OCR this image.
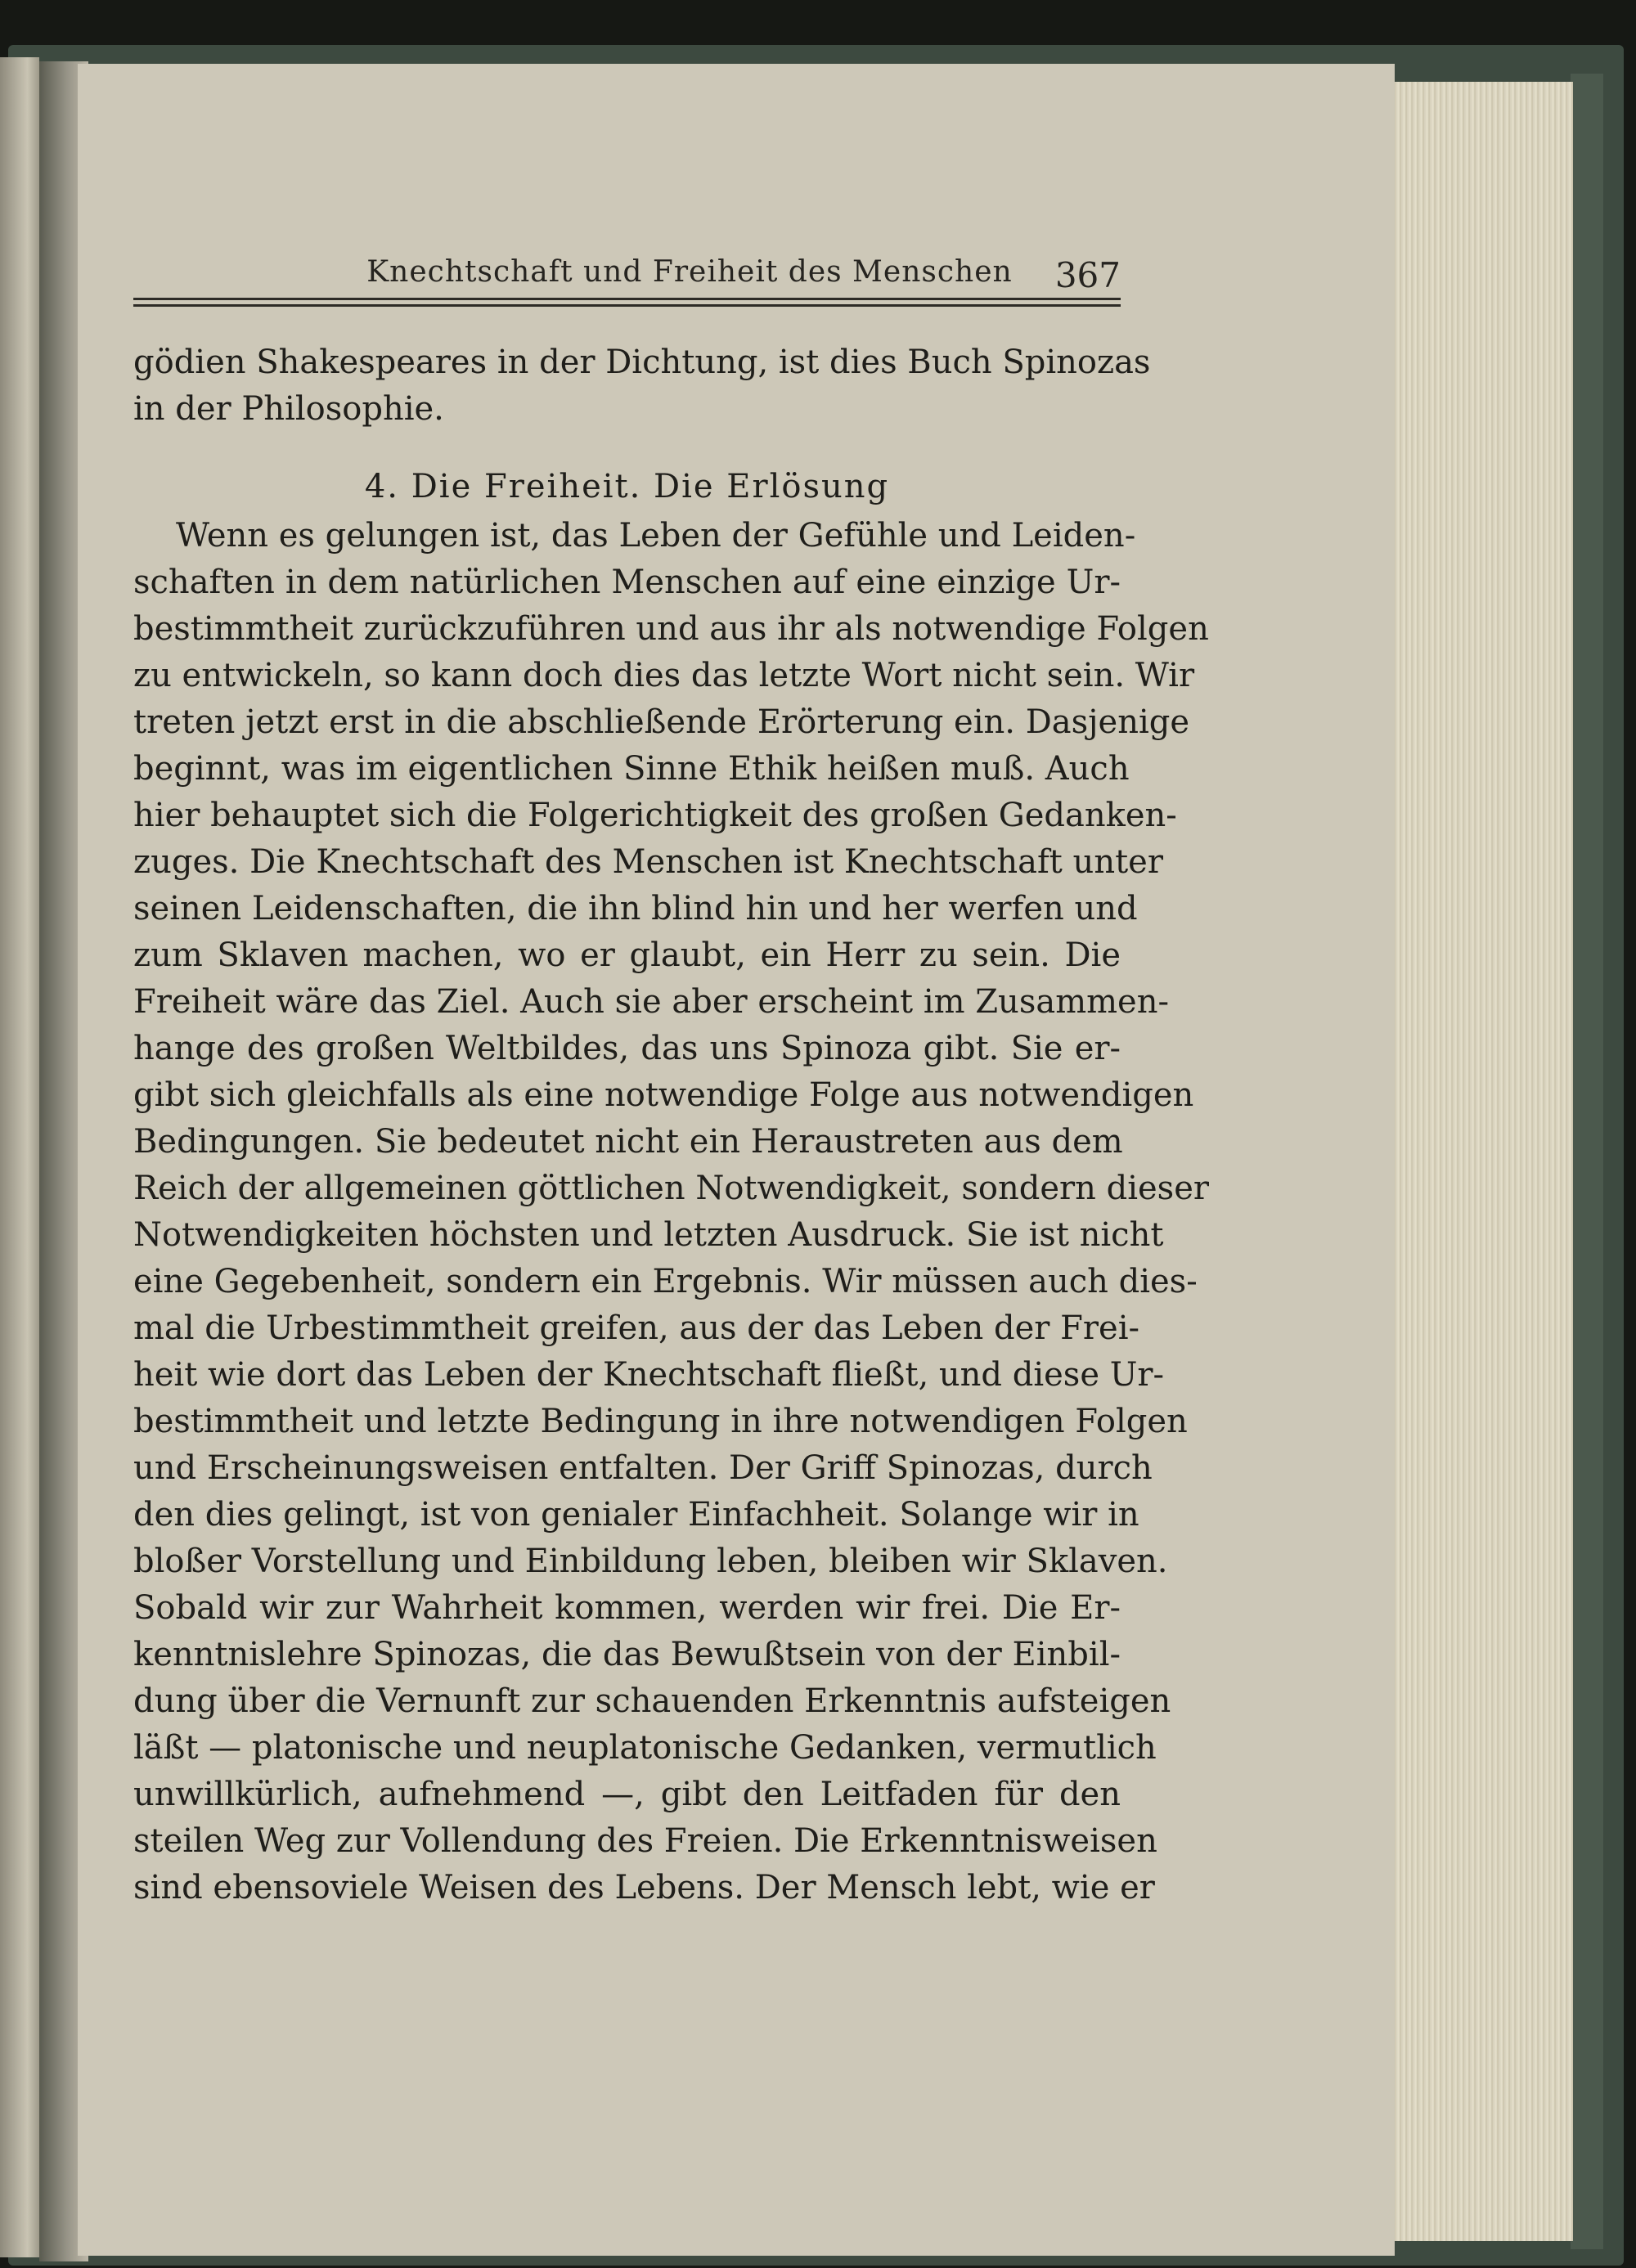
Knechtschaft und Freiheit des Menschen	367
gödien Shakespeares in der Dichtung, ist dies Buch Spinozas
in der Philosophie.
4. Die Freiheit. Die Erlösung
Wenn es gelungen ist, das Leben der Gefühle und Leiden-
schaften in dem natürlichen Menschen auf eine einzige Ur-
bestimmtheit zurückzuführen und aus ihr als notwendige Folgen
zu entwickeln, so kann doch dies das letzte Wort nicht sein. Wir
treten jetzt erst in die abschließende Erörterung ein. Dasjenige
beginnt, was im eigentlichen Sinne Ethik heißen muß. Auch
hier behauptet sich die Folgerichtigkeit des großen Gedanken-
zuges. Die Knechtschaft des Menschen ist Knechtschaft unter
seinen Leidenschaften, die ihn blind hin und her werfen und
zum Sklaven machen, wo er glaubt, ein Herr zu sein. Die
Freiheit wäre das Ziel. Auch sie aber erscheint im Zusammen-
hange des großen Weltbildes, das uns Spinoza gibt. Sie er-
gibt sich gleichfalls als eine notwendige Folge aus notwendigen
Bedingungen. Sie bedeutet nicht ein Heraustreten aus dem
Reich der allgemeinen göttlichen Notwendigkeit, sondern dieser
Notwendigkeiten höchsten und letzten Ausdruck. Sie ist nicht
eine Gegebenheit, sondern ein Ergebnis. Wir müssen auch dies-
mal die Urbestimmtheit greifen, aus der das Leben der Frei-
heit wie dort das Leben der Knechtschaft fließt, und diese Ur-
bestimmtheit und letzte Bedingung in ihre notwendigen Folgen
und Erscheinungsweisen entfalten. Der Griff Spinozas, durch
den dies gelingt, ist von genialer Einfachheit. Solange wir in
bloßer Vorstellung und Einbildung leben, bleiben wir Sklaven.
Sobald wir zur Wahrheit kommen, werden wir frei. Die Er-
kenntnislehre Spinozas, die das Bewußtsein von der Einbil-
dung über die Vernunft zur schauenden Erkenntnis aufsteigen
läßt — platonische und neuplatonische Gedanken, vermutlich
unwillkürlich, aufnehmend —, gibt den Leitfaden für den
steilen Weg zur Vollendung des Freien. Die Erkenntnisweisen
sind ebensoviele Weisen des Lebens. Der Mensch lebt, wie er
